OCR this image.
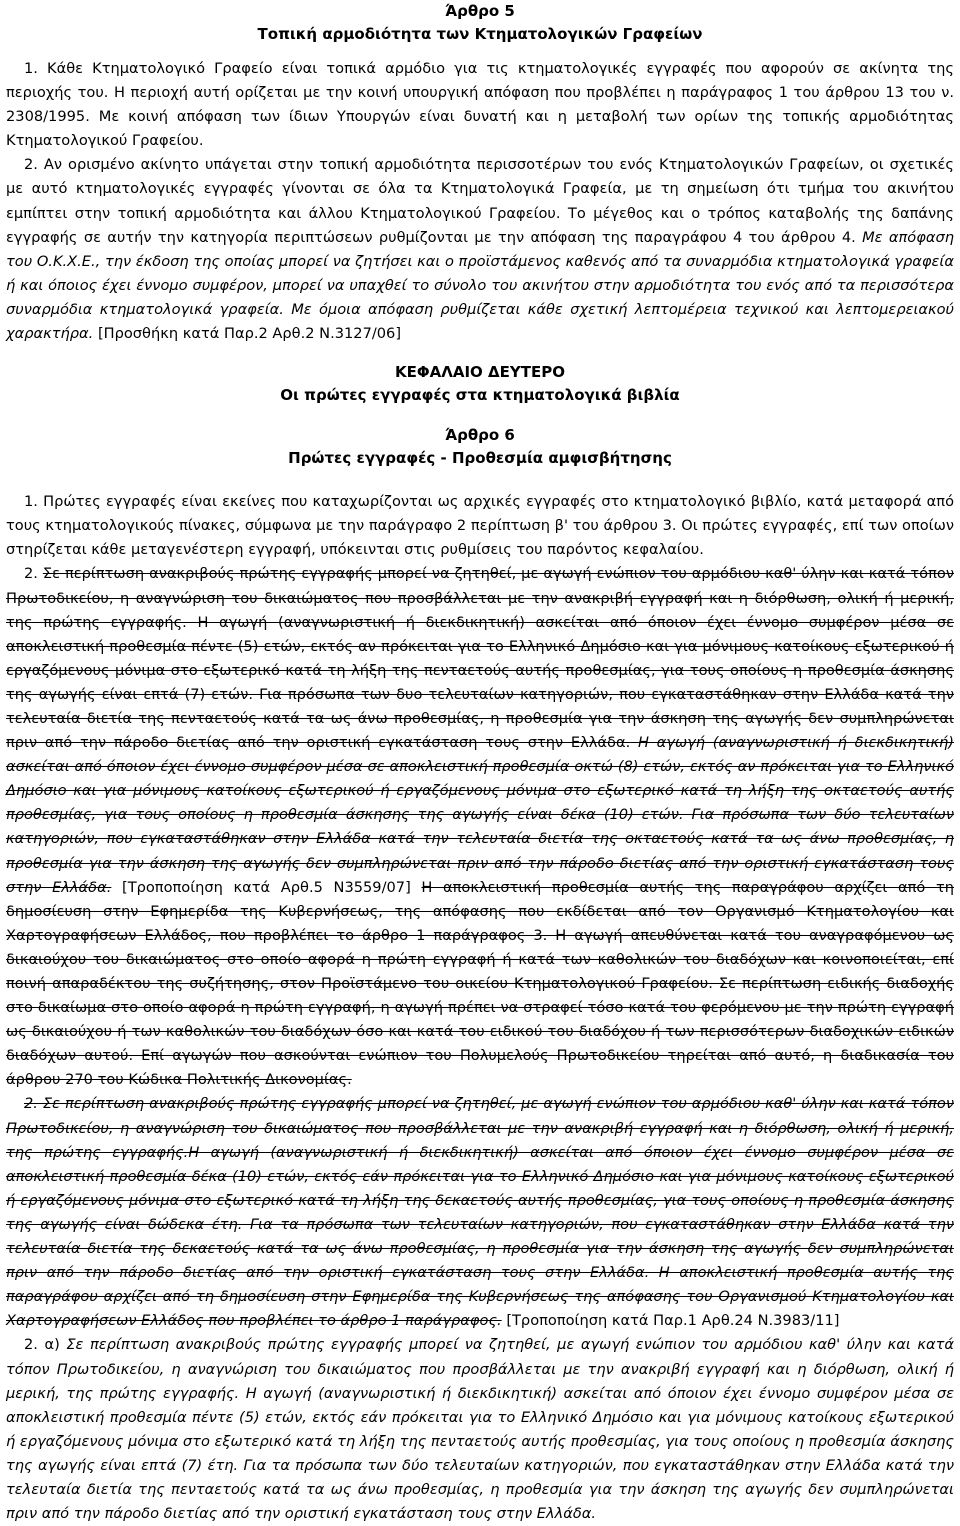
Άρθρο 5
Τοπική αρμοδιότητα των Κτηματολογικών Γραφείων

1. Κάθε Κτηματολογικό Γραφείο είναι τοπικά αρμόδιο για τις κτηματολογικές εγγραφές που αφορούν σε ακίνητα της περιοχής του. Η περιοχή αυτή ορίζεται με την κοινή υπουργική απόφαση που προβλέπει η παράγραφος 1 του άρθρου 13 του ν. 2308/1995. Με κοινή απόφαση των ίδιων Υπουργών είναι δυνατή και η μεταβολή των ορίων της τοπικής αρμοδιότητας Κτηματολογικού Γραφείου.

2. Αν ορισμένο ακίνητο υπάγεται στην τοπική αρμοδιότητα περισσοτέρων του ενός Κτηματολογικών Γραφείων, οι σχετικές με αυτό κτηματολογικές εγγραφές γίνονται σε όλα τα Κτηματολογικά Γραφεία, με τη σημείωση ότι τμήμα του ακινήτου εμπίπτει στην τοπική αρμοδιότητα και άλλου Κτηματολογικού Γραφείου. Το μέγεθος και ο τρόπος καταβολής της δαπάνης εγγραφής σε αυτήν την κατηγορία περιπτώσεων ρυθμίζονται με την απόφαση της παραγράφου 4 του άρθρου 4. Με απόφαση του Ο.Κ.Χ.Ε., την έκδοση της οποίας μπορεί να ζητήσει και ο προϊστάμενος καθενός από τα συναρμόδια κτηματολογικά γραφεία ή και όποιος έχει έννομο συμφέρον, μπορεί να υπαχθεί το σύνολο του ακινήτου στην αρμοδιότητα του ενός από τα περισσότερα συναρμόδια κτηματολογικά γραφεία. Με όμοια απόφαση ρυθμίζεται κάθε σχετική λεπτομέρεια τεχνικού και λεπτομερειακού χαρακτήρα. [Προσθήκη κατά Παρ.2 Αρθ.2 Ν.3127/06]

ΚΕΦΑΛΑΙΟ ΔΕΥΤΕΡΟ
Οι πρώτες εγγραφές στα κτηματολογικά βιβλία
Άρθρο 6
Πρώτες εγγραφές - Προθεσμία αμφισβήτησης

1. Πρώτες εγγραφές είναι εκείνες που καταχωρίζονται ως αρχικές εγγραφές στο κτηματολογικό βιβλίο, κατά μεταφορά από τους κτηματολογικούς πίνακες, σύμφωνα με την παράγραφο 2 περίπτωση β' του άρθρου 3. Οι πρώτες εγγραφές, επί των οποίων στηρίζεται κάθε μεταγενέστερη εγγραφή, υπόκεινται στις ρυθμίσεις του παρόντος κεφαλαίου.

2. Σε περίπτωση ανακριβούς πρώτης εγγραφής μπορεί να ζητηθεί, με αγωγή ενώπιον του αρμόδιου καθ' ύλην και κατά τόπον Πρωτοδικείου, η αναγνώριση του δικαιώματος που προσβάλλεται με την ανακριβή εγγραφή και η διόρθωση, ολική ή μερική, της πρώτης εγγραφής. Η αγωγή (αναγνωριστική ή διεκδικητική) ασκείται από όποιον έχει έννομο συμφέρον μέσα σε αποκλειστική προθεσμία πέντε (5) ετών, εκτός αν πρόκειται για το Ελληνικό Δημόσιο και για μόνιμους κατοίκους εξωτερικού ή εργαζόμενους μόνιμα στο εξωτερικό κατά τη λήξη της πενταετούς αυτής προθεσμίας, για τους οποίους η προθεσμία άσκησης της αγωγής είναι επτά (7) ετών. Για πρόσωπα των δυο τελευταίων κατηγοριών, που εγκαταστάθηκαν στην Ελλάδα κατά την τελευταία διετία της πενταετούς κατά τα ως άνω προθεσμίας, η προθεσμία για την άσκηση της αγωγής δεν συμπληρώνεται πριν από την πάροδο διετίας από την οριστική εγκατάσταση τους στην Ελλάδα. Η αγωγή (αναγνωριστική ή διεκδικητική) ασκείται από όποιον έχει έννομο συμφέρον μέσα σε αποκλειστική προθεσμία οκτώ (8) ετών, εκτός αν πρόκειται για το Ελληνικό Δημόσιο και για μόνιμους κατοίκους εξωτερικού ή εργαζόμενους μόνιμα στο εξωτερικό κατά τη λήξη της οκταετούς αυτής προθεσμίας, για τους οποίους η προθεσμία άσκησης της αγωγής είναι δέκα (10) ετών. Για πρόσωπα των δύο τελευταίων κατηγοριών, που εγκαταστάθηκαν στην Ελλάδα κατά την τελευταία διετία της οκταετούς κατά τα ως άνω προθεσμίας, η προθεσμία για την άσκηση της αγωγής δεν συμπληρώνεται πριν από την πάροδο διετίας από την οριστική εγκατάσταση τους στην Ελλάδα. [Τροποποίηση κατά Αρθ.5 Ν3559/07] Η αποκλειστική προθεσμία αυτής της παραγράφου αρχίζει από τη δημοσίευση στην Εφημερίδα της Κυβερνήσεως, της απόφασης που εκδίδεται από τον Οργανισμό Κτηματολογίου και Χαρτογραφήσεων Ελλάδος, που προβλέπει το άρθρο 1 παράγραφος 3. Η αγωγή απευθύνεται κατά του αναγραφόμενου ως δικαιούχου του δικαιώματος στο οποίο αφορά η πρώτη εγγραφή ή κατά των καθολικών του διαδόχων και κοινοποιείται, επί ποινή απαραδέκτου της συζήτησης, στον Προϊστάμενο του οικείου Κτηματολογικού Γραφείου. Σε περίπτωση ειδικής διαδοχής στο δικαίωμα στο οποίο αφορά η πρώτη εγγραφή, η αγωγή πρέπει να στραφεί τόσο κατά του φερόμενου με την πρώτη εγγραφή ως δικαιούχου ή των καθολικών του διαδόχων όσο και κατά του ειδικού του διαδόχου ή των περισσότερων διαδοχικών ειδικών διαδόχων αυτού. Επί αγωγών που ασκούνται ενώπιον του Πολυμελούς Πρωτοδικείου τηρείται από αυτό, η διαδικασία του άρθρου 270 του Κώδικα Πολιτικής Δικονομίας.

2. Σε περίπτωση ανακριβούς πρώτης εγγραφής μπορεί να ζητηθεί, με αγωγή ενώπιον του αρμόδιου καθ' ύλην και κατά τόπον Πρωτοδικείου, η αναγνώριση του δικαιώματος που προσβάλλεται με την ανακριβή εγγραφή και η διόρθωση, ολική ή μερική, της πρώτης εγγραφής.Η αγωγή (αναγνωριστική ή διεκδικητική) ασκείται από όποιον έχει έννομο συμφέρον μέσα σε αποκλειστική προθεσμία δέκα (10) ετών, εκτός εάν πρόκειται για το Ελληνικό Δημόσιο και για μόνιμους κατοίκους εξωτερικού ή εργαζόμενους μόνιμα στο εξωτερικό κατά τη λήξη της δεκαετούς αυτής προθεσμίας, για τους οποίους η προθεσμία άσκησης της αγωγής είναι δώδεκα έτη. Για τα πρόσωπα των τελευταίων κατηγοριών, που εγκαταστάθηκαν στην Ελλάδα κατά την τελευταία διετία της δεκαετούς κατά τα ως άνω προθεσμίας, η προθεσμία για την άσκηση της αγωγής δεν συμπληρώνεται πριν από την πάροδο διετίας από την οριστική εγκατάσταση τους στην Ελλάδα. Η αποκλειστική προθεσμία αυτής της παραγράφου αρχίζει από τη δημοσίευση στην Εφημερίδα της Κυβερνήσεως της απόφασης του Οργανισμού Κτηματολογίου και Χαρτογραφήσεων Ελλάδος που προβλέπει το άρθρο 1 παράγραφος. [Τροποποίηση κατά Παρ.1 Αρθ.24 Ν.3983/11]

2. α) Σε περίπτωση ανακριβούς πρώτης εγγραφής μπορεί να ζητηθεί, με αγωγή ενώπιον του αρμόδιου καθ' ύλην και κατά τόπον Πρωτοδικείου, η αναγνώριση του δικαιώματος που προσβάλλεται με την ανακριβή εγγραφή και η διόρθωση, ολική ή μερική, της πρώτης εγγραφής. Η αγωγή (αναγνωριστική ή διεκδικητική) ασκείται από όποιον έχει έννομο συμφέρον μέσα σε αποκλειστική προθεσμία πέντε (5) ετών, εκτός εάν πρόκειται για το Ελληνικό Δημόσιο και για μόνιμους κατοίκους εξωτερικού ή εργαζόμενους μόνιμα στο εξωτερικό κατά τη λήξη της πενταετούς αυτής προθεσμίας, για τους οποίους η προθεσμία άσκησης της αγωγής είναι επτά (7) έτη. Για τα πρόσωπα των δύο τελευταίων κατηγοριών, που εγκαταστάθηκαν στην Ελλάδα κατά την τελευταία διετία της πενταετούς κατά τα ως άνω προθεσμίας, η προθεσμία για την άσκηση της αγωγής δεν συμπληρώνεται πριν από την πάροδο διετίας από την οριστική εγκατάσταση τους στην Ελλάδα.
